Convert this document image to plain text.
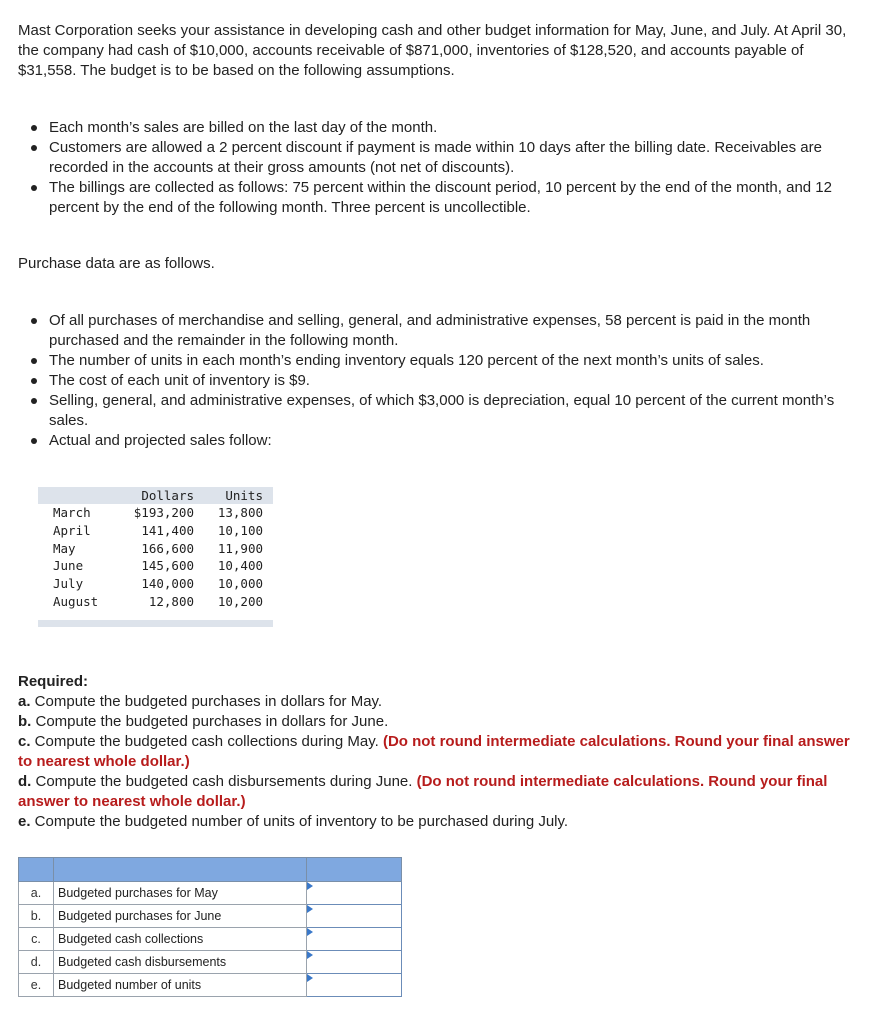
Mast Corporation seeks your assistance in developing cash and other budget information for May, June, and July. At April 30, the company had cash of $10,000, accounts receivable of $871,000, inventories of $128,520, and accounts payable of $31,558. The budget is to be based on the following assumptions.
Each month’s sales are billed on the last day of the month.
Customers are allowed a 2 percent discount if payment is made within 10 days after the billing date. Receivables are recorded in the accounts at their gross amounts (not net of discounts).
The billings are collected as follows: 75 percent within the discount period, 10 percent by the end of the month, and 12 percent by the end of the following month. Three percent is uncollectible.
Purchase data are as follows.
Of all purchases of merchandise and selling, general, and administrative expenses, 58 percent is paid in the month purchased and the remainder in the following month.
The number of units in each month’s ending inventory equals 120 percent of the next month’s units of sales.
The cost of each unit of inventory is $9.
Selling, general, and administrative expenses, of which $3,000 is depreciation, equal 10 percent of the current month’s sales.
Actual and projected sales follow:
Dollars	Units
March	$193,200 13,800
April	141,400 10,100
May	166,600 11,900
June	145,600 10,400
July	140,000 10,000
August	12,800 10,200
Required:
a. Compute the budgeted purchases in dollars for May.
b. Compute the budgeted purchases in dollars for June.
c. Compute the budgeted cash collections during May. (Do not round intermediate calculations. Round your final answer to nearest whole dollar.)
d. Compute the budgeted cash disbursements during June. (Do not round intermediate calculations. Round your final answer to nearest whole dollar.)
e. Compute the budgeted number of units of inventory to be purchased during July.

a.	Budgeted purchases for May	

b.	Budgeted purchases for June	

c.	Budgeted cash collections	

d.	Budgeted cash disbursements	

e.	Budgeted number of units	
